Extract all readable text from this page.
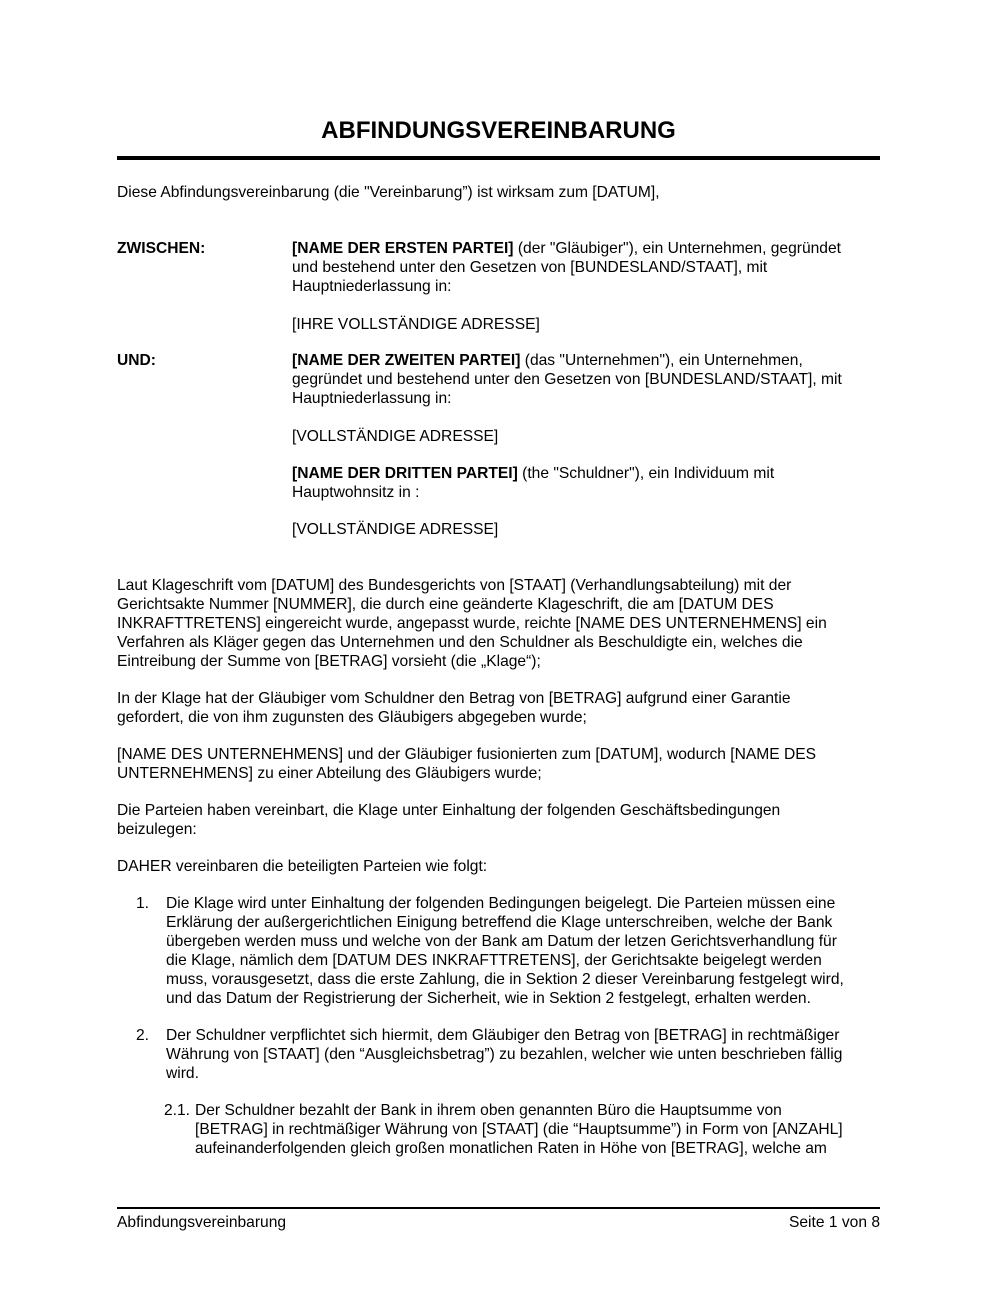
ABFINDUNGSVEREINBARUNG

Diese Abfindungsvereinbarung (die "Vereinbarung”) ist wirksam zum [DATUM],

ZWISCHEN:	[NAME DER ERSTEN PARTEI] (der "Gläubiger"), ein Unternehmen, gegründet
und bestehend unter den Gesetzen von [BUNDESLAND/STAAT], mit
Hauptniederlassung in:

[IHRE VOLLSTÄNDIGE ADRESSE]

UND:	[NAME DER ZWEITEN PARTEI] (das "Unternehmen"), ein Unternehmen,
gegründet und bestehend unter den Gesetzen von [BUNDESLAND/STAAT], mit
Hauptniederlassung in:

[VOLLSTÄNDIGE ADRESSE]

[NAME DER DRITTEN PARTEI] (the "Schuldner"), ein Individuum mit
Hauptwohnsitz in :

[VOLLSTÄNDIGE ADRESSE]

Laut Klageschrift vom [DATUM] des Bundesgerichts von [STAAT] (Verhandlungsabteilung) mit der
Gerichtsakte Nummer [NUMMER], die durch eine geänderte Klageschrift, die am [DATUM DES
INKRAFTTRETENS] eingereicht wurde, angepasst wurde, reichte [NAME DES UNTERNEHMENS] ein
Verfahren als Kläger gegen das Unternehmen und den Schuldner als Beschuldigte ein, welches die
Eintreibung der Summe von [BETRAG] vorsieht (die „Klage“);
In der Klage hat der Gläubiger vom Schuldner den Betrag von [BETRAG] aufgrund einer Garantie
gefordert, die von ihm zugunsten des Gläubigers abgegeben wurde;
[NAME DES UNTERNEHMENS] und der Gläubiger fusionierten zum [DATUM], wodurch [NAME DES
UNTERNEHMENS] zu einer Abteilung des Gläubigers wurde;
Die Parteien haben vereinbart, die Klage unter Einhaltung der folgenden Geschäftsbedingungen
beizulegen:

DAHER vereinbaren die beteiligten Parteien wie folgt:

1. Die Klage wird unter Einhaltung der folgenden Bedingungen beigelegt. Die Parteien müssen eine
Erklärung der außergerichtlichen Einigung betreffend die Klage unterschreiben, welche der Bank
übergeben werden muss und welche von der Bank am Datum der letzen Gerichtsverhandlung für
die Klage, nämlich dem [DATUM DES INKRAFTTRETENS], der Gerichtsakte beigelegt werden
muss, vorausgesetzt, dass die erste Zahlung, die in Sektion 2 dieser Vereinbarung festgelegt wird,
und das Datum der Registrierung der Sicherheit, wie in Sektion 2 festgelegt, erhalten werden.
2. Der Schuldner verpflichtet sich hiermit, dem Gläubiger den Betrag von [BETRAG] in rechtmäßiger
Währung von [STAAT] (den “Ausgleichsbetrag”) zu bezahlen, welcher wie unten beschrieben fällig
wird.
2.1. Der Schuldner bezahlt der Bank in ihrem oben genannten Büro die Hauptsumme von
[BETRAG] in rechtmäßiger Währung von [STAAT] (die “Hauptsumme”) in Form von [ANZAHL]
aufeinanderfolgenden gleich großen monatlichen Raten in Höhe von [BETRAG], welche am
Abfindungsvereinbarung	Seite 1 von 8
